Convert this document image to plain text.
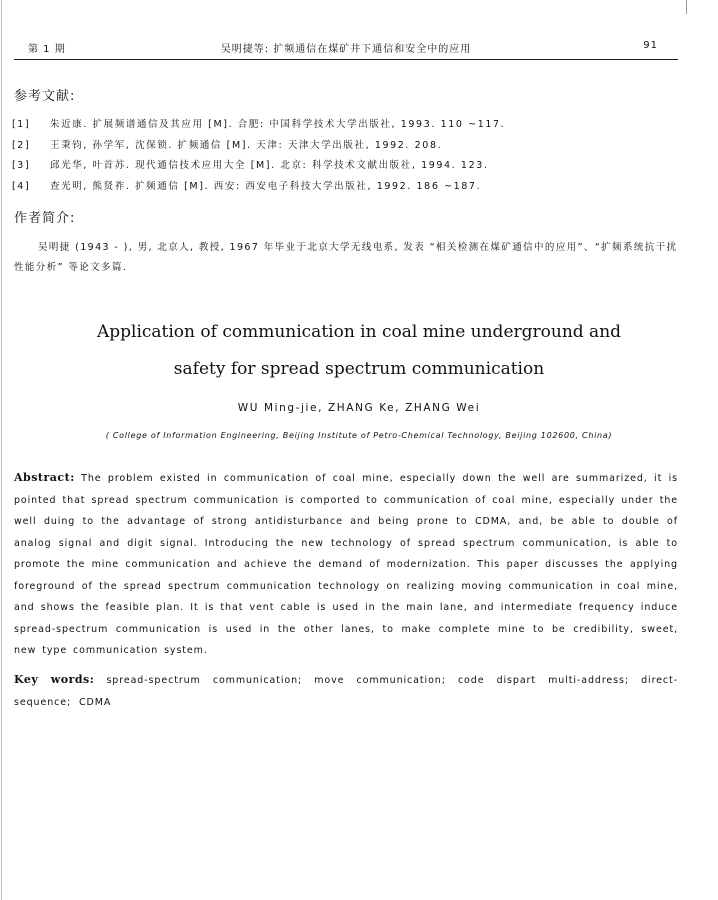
第 1 期	吴明捷等: 扩频通信在煤矿井下通信和安全中的应用	91
参考文献:
[1]	朱近康. 扩展频谱通信及其应用 [M]. 合肥: 中国科学技术大学出版社, 1993. 110 ~117.
[2]	王秉钧, 孙学军, 沈保锁. 扩频通信 [M]. 天津: 天津大学出版社, 1992. 208.
[3]	邱光华, 叶首苏. 现代通信技术应用大全 [M]. 北京: 科学技术文献出版社, 1994. 123.
[4]	查光明, 熊贤祚. 扩频通信 [M]. 西安: 西安电子科技大学出版社, 1992. 186 ~187.
作者简介:

吴明捷 (1943 - ), 男, 北京人, 教授, 1967 年毕业于北京大学无线电系, 发表 “相关检测在煤矿通信中的应用”、“扩频系统抗干扰性能分析” 等论文多篇.

Application of communication in coal mine underground and
safety for spread spectrum communication
WU Ming-jie, ZHANG Ke, ZHANG Wei
( College of Information Engineering, Beijing Institute of Petro-Chemical Technology, Beijing 102600, China)

Abstract: The problem existed in communication of coal mine, especially down the well are summarized, it is pointed that spread spectrum communication is comported to communication of coal mine, especially under the well duing to the advantage of strong antidisturbance and being prone to CDMA, and, be able to double of analog signal and digit signal. Introducing the new technology of spread spectrum communication, is able to promote the mine communication and achieve the demand of modernization. This paper discusses the applying foreground of the spread spectrum communication technology on realizing moving communication in coal mine, and shows the feasible plan. It is that vent cable is used in the main lane, and intermediate frequency induce spread-spectrum communication is used in the other lanes, to make complete mine to be credibility, sweet, new type communication system.

Key words: spread-spectrum communication; move communication; code dispart multi-address; direct-sequence; CDMA
